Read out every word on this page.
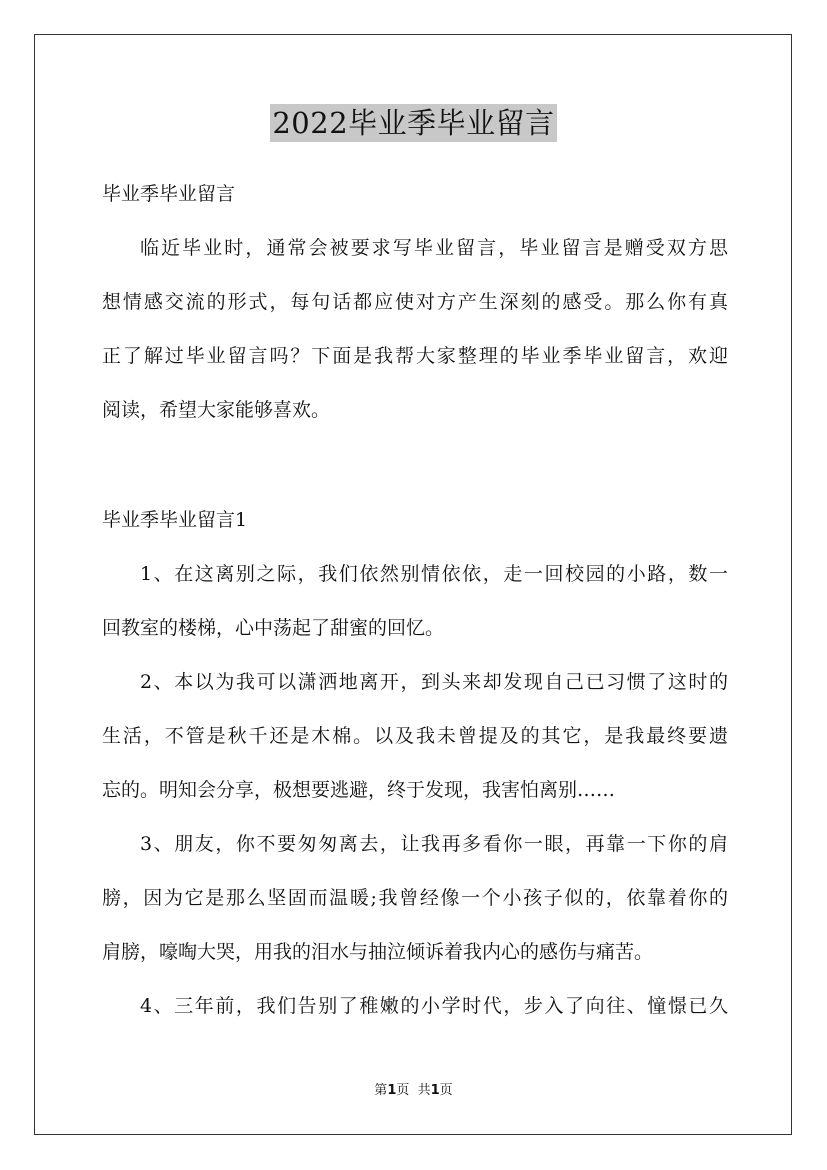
2022毕业季毕业留言
毕业季毕业留言
临近毕业时，通常会被要求写毕业留言，毕业留言是赠受双方思
想情感交流的形式，每句话都应使对方产生深刻的感受。那么你有真
正了解过毕业留言吗？下面是我帮大家整理的毕业季毕业留言，欢迎
阅读，希望大家能够喜欢。
毕业季毕业留言1
1、在这离别之际，我们依然别情依依，走一回校园的小路，数一
回教室的楼梯，心中荡起了甜蜜的回忆。
2、本以为我可以潇洒地离开，到头来却发现自己已习惯了这时的
生活，不管是秋千还是木棉。以及我未曾提及的其它，是我最终要遗
忘的。明知会分享，极想要逃避，终于发现，我害怕离别……
3、朋友，你不要匆匆离去，让我再多看你一眼，再靠一下你的肩
膀，因为它是那么坚固而温暖;我曾经像一个小孩子似的，依靠着你的
肩膀，嚎啕大哭，用我的泪水与抽泣倾诉着我内心的感伤与痛苦。
4、三年前，我们告别了稚嫩的小学时代，步入了向往、憧憬已久
第1页  共1页
